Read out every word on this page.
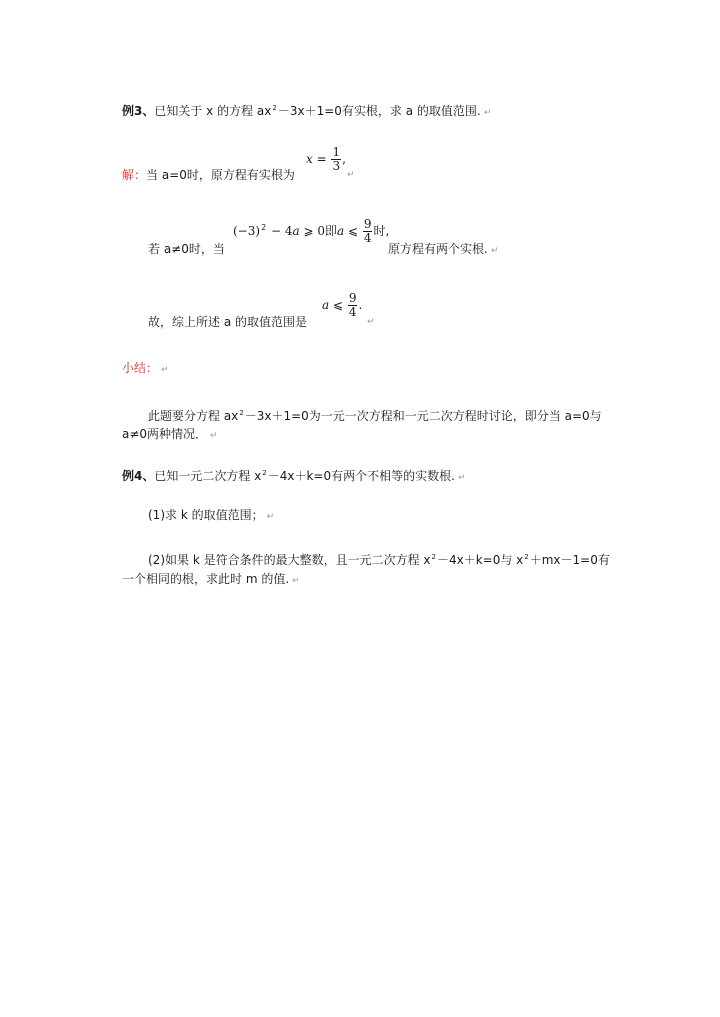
例3、已知关于 x 的方程 $ax^2-3x+1=0$有实根，求 a 的取值范围. ↵
解：当 a=0时，原方程有实根为
$x = \frac{1}{3}$ ,
↵
若 a≠0时，当
$(-3)^2 - 4a$ ⩾ 0即a ⩽ $\frac{9}{4}$ 时,
原方程有两个实根. ↵
故，综上所述 a 的取值范围是
a ⩽ $\frac{9}{4}$ .
↵
小结： ↵
此题要分方程 $ax^2-3x+1=0$为一元一次方程和一元二次方程时讨论，即分当 a=0与
a≠0两种情况． ↵
例4、已知一元二次方程 $x^2-4x+k=0$有两个不相等的实数根. ↵
(1)求 k 的取值范围； ↵
(2)如果 k 是符合条件的最大整数，且一元二次方程 $x^2-4x+k=0$与 $x^2+mx-1=0$有
一个相同的根，求此时 m 的值. ↵
